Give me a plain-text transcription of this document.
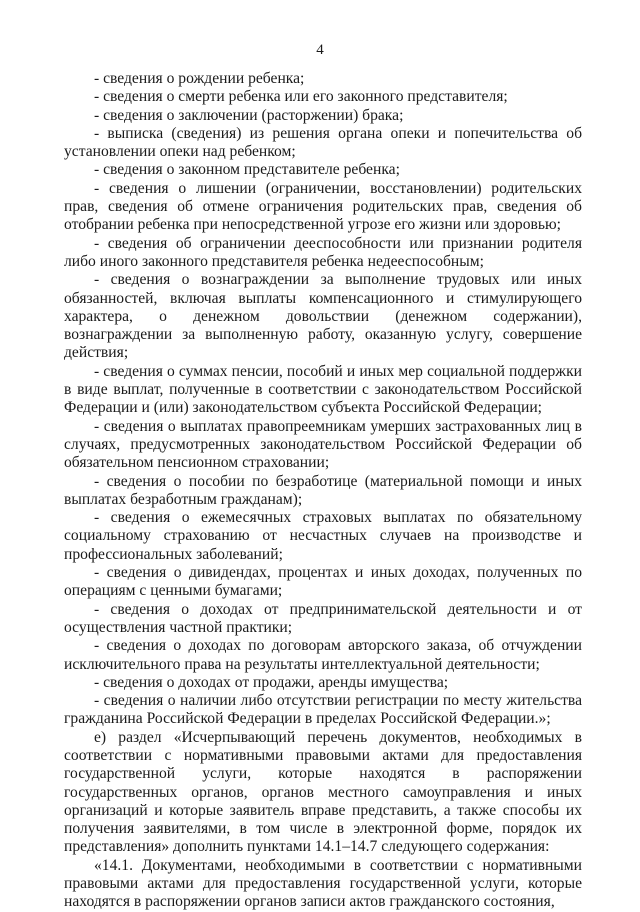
4

- сведения о рождении ребенка;

- сведения о смерти ребенка или его законного представителя;

- сведения о заключении (расторжении) брака;

- выписка (сведения) из решения органа опеки и попечительства об установлении опеки над ребенком;

- сведения о законном представителе ребенка;

- сведения о лишении (ограничении, восстановлении) родительских прав, сведения об отмене ограничения родительских прав, сведения об отобрании ребенка при непосредственной угрозе его жизни или здоровью;

- сведения об ограничении дееспособности или признании родителя либо иного законного представителя ребенка недееспособным;

- сведения о вознаграждении за выполнение трудовых или иных обязанностей, включая выплаты компенсационного и стимулирующего характера, о денежном довольствии (денежном содержании), вознаграждении за выполненную работу, оказанную услугу, совершение действия;

- сведения о суммах пенсии, пособий и иных мер социальной поддержки в виде выплат, полученные в соответствии с законодательством Российской Федерации и (или) законодательством субъекта Российской Федерации;

- сведения о выплатах правопреемникам умерших застрахованных лиц в случаях, предусмотренных законодательством Российской Федерации об обязательном пенсионном страховании;

- сведения о пособии по безработице (материальной помощи и иных выплатах безработным гражданам);

- сведения о ежемесячных страховых выплатах по обязательному социальному страхованию от несчастных случаев на производстве и профессиональных заболеваний;

- сведения о дивидендах, процентах и иных доходах, полученных по операциям с ценными бумагами;

- сведения о доходах от предпринимательской деятельности и от осуществления частной практики;

- сведения о доходах по договорам авторского заказа, об отчуждении исключительного права на результаты интеллектуальной деятельности;

- сведения о доходах от продажи, аренды имущества;

- сведения о наличии либо отсутствии регистрации по месту жительства гражданина Российской Федерации в пределах Российской Федерации.»;

е) раздел «Исчерпывающий перечень документов, необходимых в соответствии с нормативными правовыми актами для предоставления государственной услуги, которые находятся в распоряжении государственных органов, органов местного самоуправления и иных организаций и которые заявитель вправе представить, а также способы их получения заявителями, в том числе в электронной форме, порядок их представления» дополнить пунктами 14.1–14.7 следующего содержания:

«14.1. Документами, необходимыми в соответствии с нормативными правовыми актами для предоставления государственной услуги, которые находятся в распоряжении органов записи актов гражданского состояния,
